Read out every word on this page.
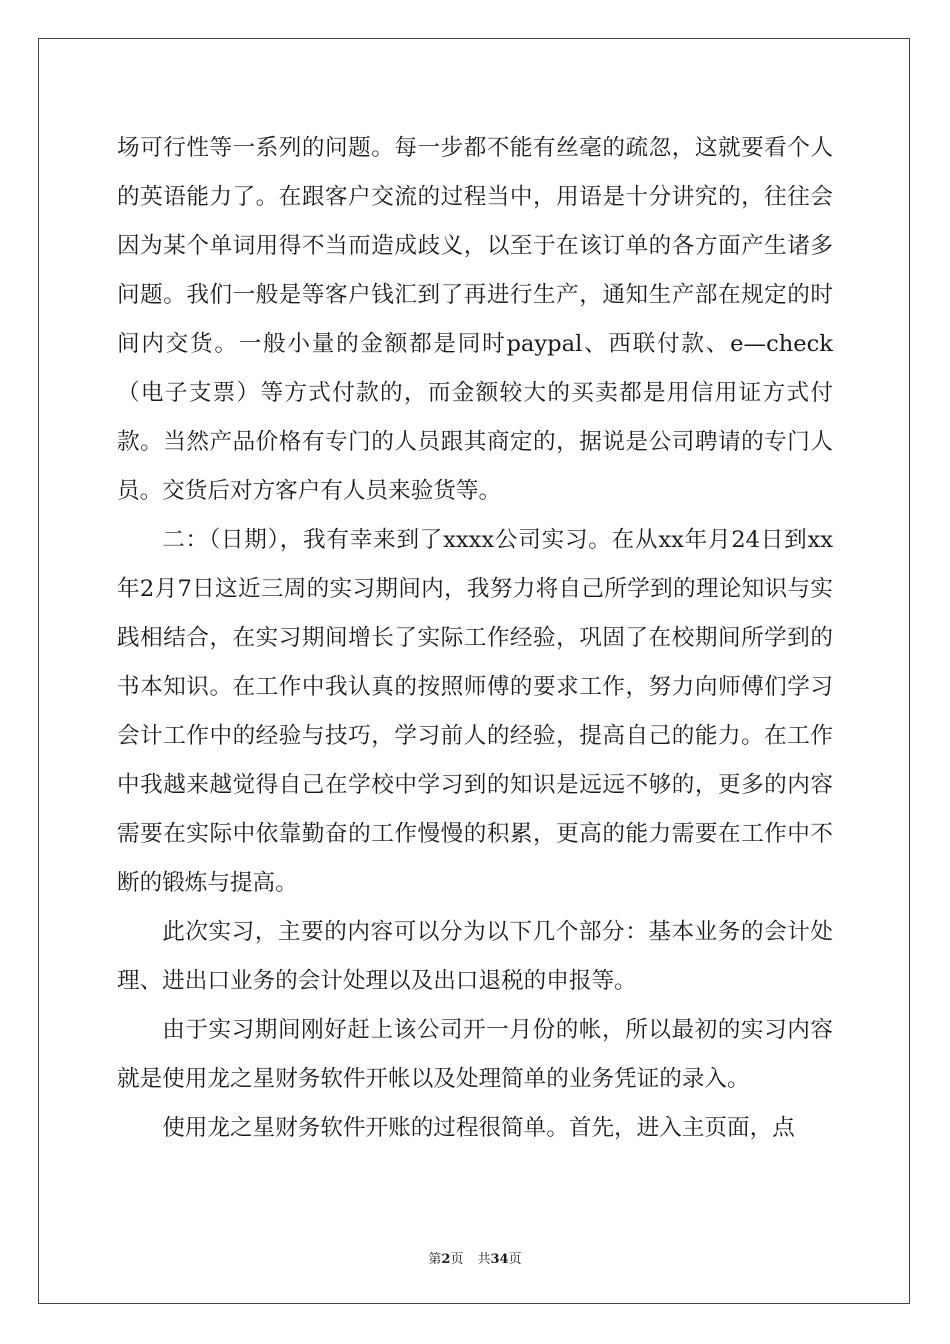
场可行性等一系列的问题。每一步都不能有丝毫的疏忽，这就要看个人的英语能力了。在跟客户交流的过程当中，用语是十分讲究的，往往会因为某个单词用得不当而造成歧义，以至于在该订单的各方面产生诸多问题。我们一般是等客户钱汇到了再进行生产，通知生产部在规定的时间内交货。一般小量的金额都是同时paypal、西联付款、e—check（电子支票）等方式付款的，而金额较大的买卖都是用信用证方式付款。当然产品价格有专门的人员跟其商定的，据说是公司聘请的专门人员。交货后对方客户有人员来验货等。

二：（日期），我有幸来到了xxxx公司实习。在从xx年月24日到xx年2月7日这近三周的实习期间内，我努力将自己所学到的理论知识与实践相结合，在实习期间增长了实际工作经验，巩固了在校期间所学到的书本知识。在工作中我认真的按照师傅的要求工作，努力向师傅们学习会计工作中的经验与技巧，学习前人的经验，提高自己的能力。在工作中我越来越觉得自己在学校中学习到的知识是远远不够的，更多的内容需要在实际中依靠勤奋的工作慢慢的积累，更高的能力需要在工作中不断的锻炼与提高。

此次实习，主要的内容可以分为以下几个部分：基本业务的会计处理、进出口业务的会计处理以及出口退税的申报等。

由于实习期间刚好赶上该公司开一月份的帐，所以最初的实习内容就是使用龙之星财务软件开帐以及处理简单的业务凭证的录入。

使用龙之星财务软件开账的过程很简单。首先，进入主页面，点

第2页 共34页
